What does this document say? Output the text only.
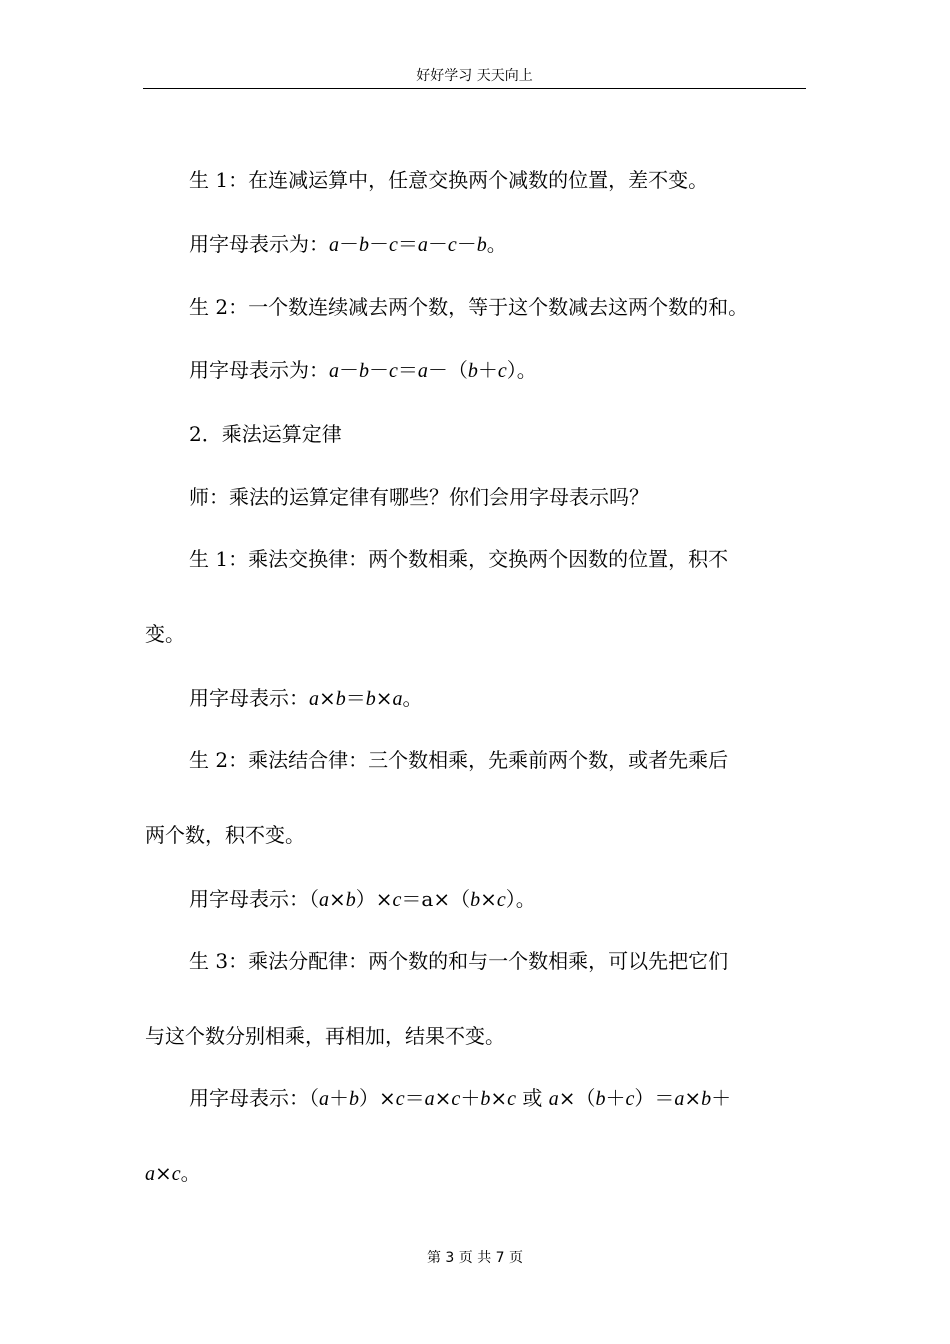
好好学习 天天向上
生 1：在连减运算中，任意交换两个减数的位置，差不变。
用字母表示为：a－b－c＝a－c－b。
生 2：一个数连续减去两个数，等于这个数减去这两个数的和。
用字母表示为：a－b－c＝a－（b＋c）。
2．乘法运算定律
师：乘法的运算定律有哪些？你们会用字母表示吗？
生 1：乘法交换律：两个数相乘，交换两个因数的位置，积不
变。
用字母表示：a×b＝b×a。
生 2：乘法结合律：三个数相乘，先乘前两个数，或者先乘后
两个数，积不变。
用字母表示：（a×b）×c＝a×（b×c）。
生 3：乘法分配律：两个数的和与一个数相乘，可以先把它们
与这个数分别相乘，再相加，结果不变。
用字母表示：（a＋b）×c＝a×c＋b×c 或 a×（b＋c）＝a×b＋
a×c。
第 3 页 共 7 页
